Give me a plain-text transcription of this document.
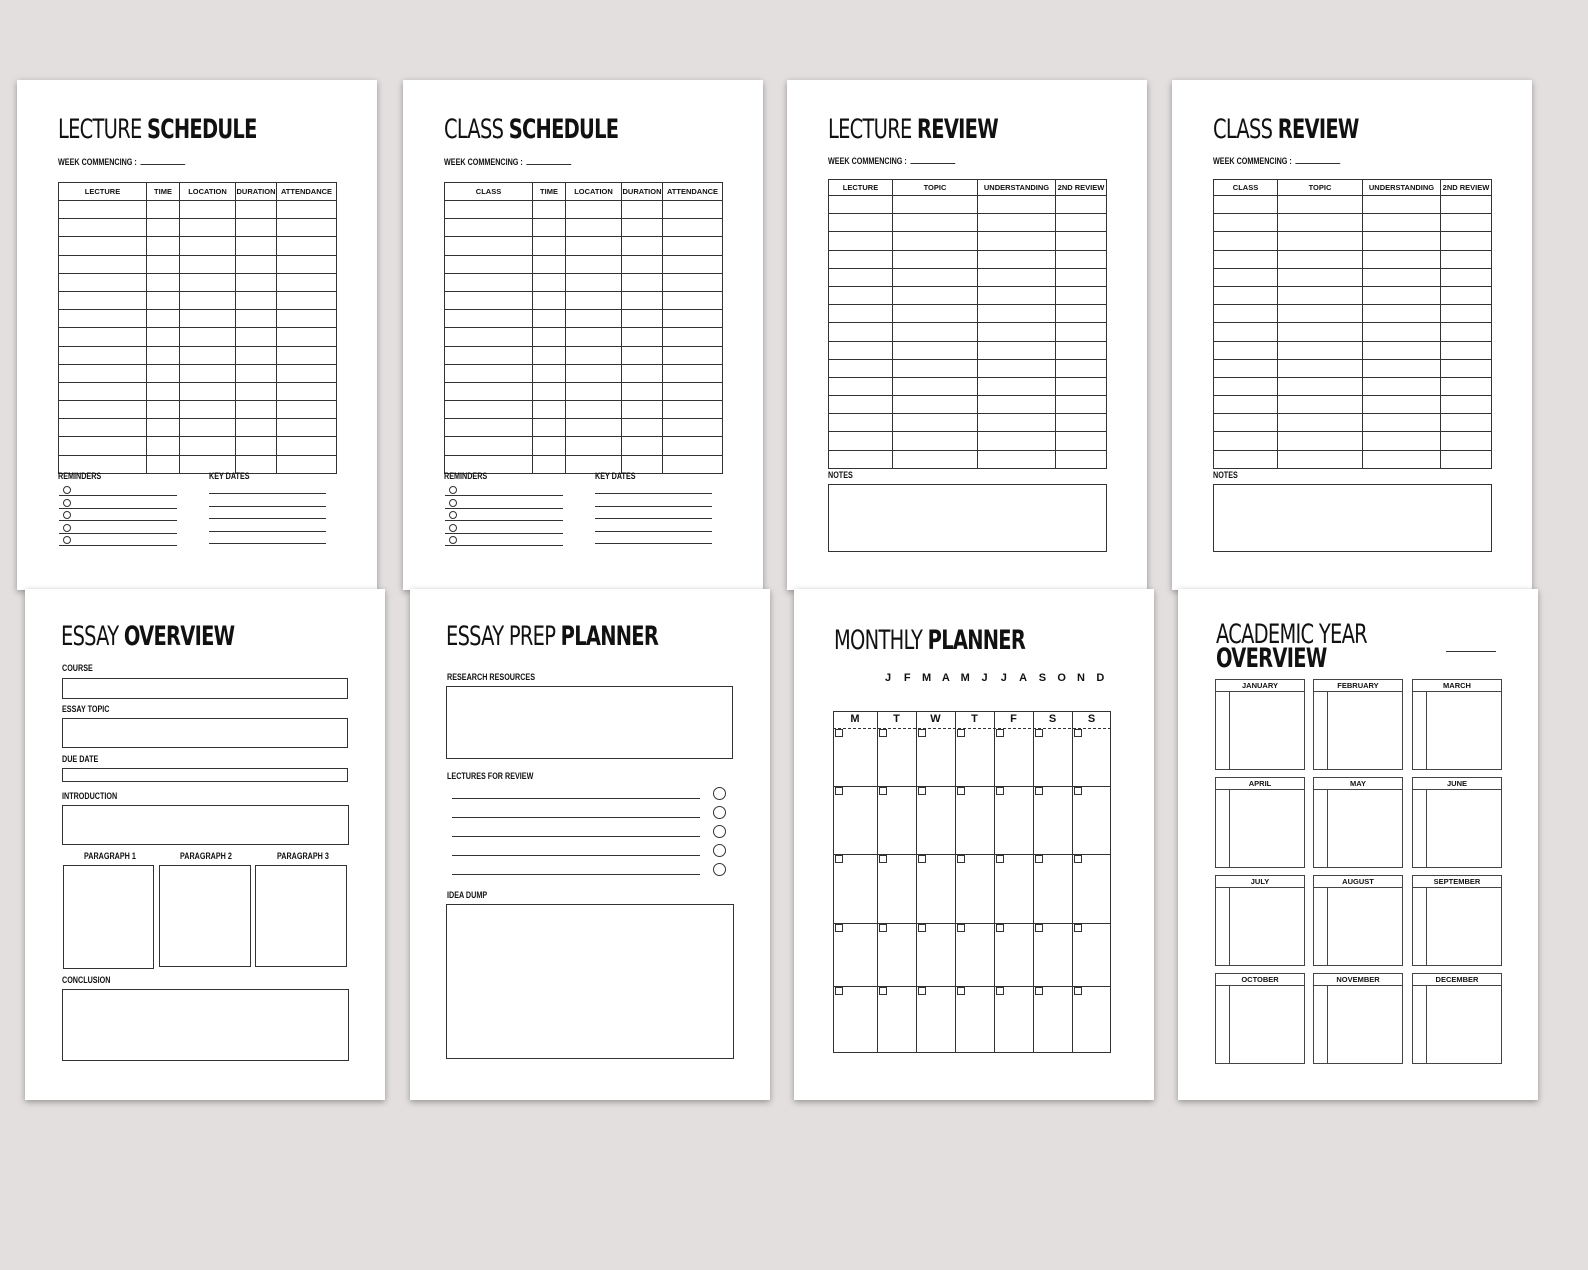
LECTURE SCHEDULE
WEEK COMMENCING :
LECTURE	TIME	LOCATION	DURATION	ATTENDANCE

REMINDERS	KEY DATES
CLASS SCHEDULE
WEEK COMMENCING :
CLASS	TIME	LOCATION	DURATION	ATTENDANCE

REMINDERS	KEY DATES
LECTURE REVIEW
WEEK COMMENCING :
LECTURE	TOPIC	UNDERSTANDING	2ND REVIEW

NOTES
CLASS REVIEW
WEEK COMMENCING :
CLASS	TOPIC	UNDERSTANDING	2ND REVIEW

NOTES
ESSAY OVERVIEW
COURSE
ESSAY TOPIC
DUE DATE
INTRODUCTION
PARAGRAPH 1	PARAGRAPH 2	PARAGRAPH 3
CONCLUSION
ESSAY PREP PLANNER
RESEARCH RESOURCES
LECTURES FOR REVIEW
IDEA DUMP
MONTHLY PLANNER
J F M A M J J A S O N D
M	T	W	T	F	S	S
ACADEMIC YEAR
OVERVIEW
JANUARY	FEBRUARY	MARCH
APRIL	MAY	JUNE
JULY	AUGUST	SEPTEMBER
OCTOBER	NOVEMBER	DECEMBER
